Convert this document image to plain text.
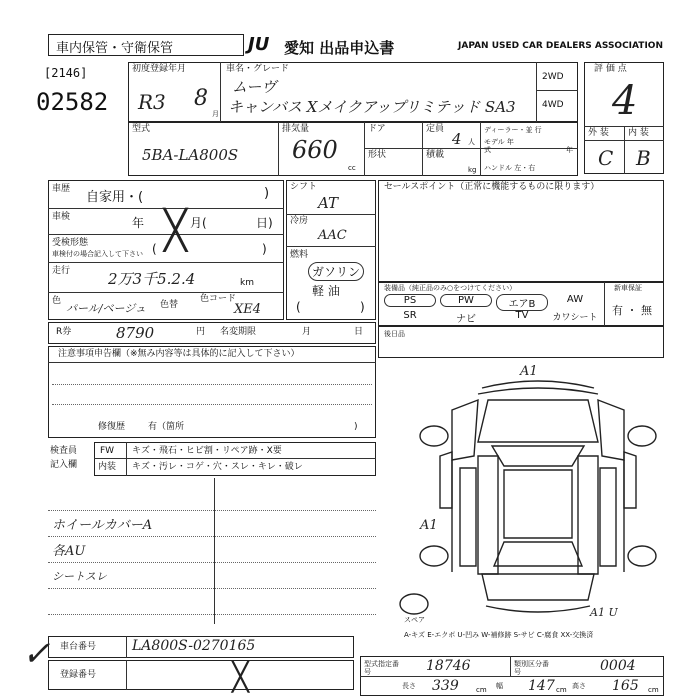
車内保管・守衛保管	JU 愛知 出品申込書	JAPAN USED CAR DEALERS ASSOCIATION
[2146]
02582
初度登録年月
R3 8
月
車名・グレード
ムーヴ
キャンバス Xメイクアップリミテッド SA3
2WD
4WD
評 価 点
4
外 装 内 装
C B
型式
5BA-LA800S
排気量
660
cc
ドア
形状
定員
4 人
積載
kg
ディーラー・並 行
モデル 年式	年
ハンドル 左・右
車歴
自家用・(	)
車検	年	月(	日)
╳
受検形態
車検付の場合記入して下さい (	)
走行	2万3千5.2.4	km
色
パール/ベージュ 色替
色コード
XE4
シフト
AT
冷房
AAC
燃料
ガソリン
軽 油
(	)
セールスポイント（正常に機能するものに限ります）
装備品（純正品のみ○をつけてください）	新車保証
有 ・ 無
PS	PW	エアB	AW
SR	ナビ	TV	カワシート
R券	8790	円 名変期限	月	日	後日品
注意事項申告欄（※無み内容等は具体的に記入して下さい）
修復歴	有（箇所	)
検査員
記入欄
FW キズ・飛石・ヒビ割・リペア跡・X要
内装 キズ・汚レ・コゲ・穴・スレ・キレ・破レ
ホイールカバーA
各AU
シートスレ
スペア
A1
A1
A1 U
A-キズ E-エクボ U-凹み W-補修跡 S-サビ C-腐食 XX-交換済
✓ 車台番号	LA800S-0270165
登録番号	╳	型式指定番号	18746	類別区分番号	0004
長さ 339 cm 幅 147 cm 高さ 165 cm
